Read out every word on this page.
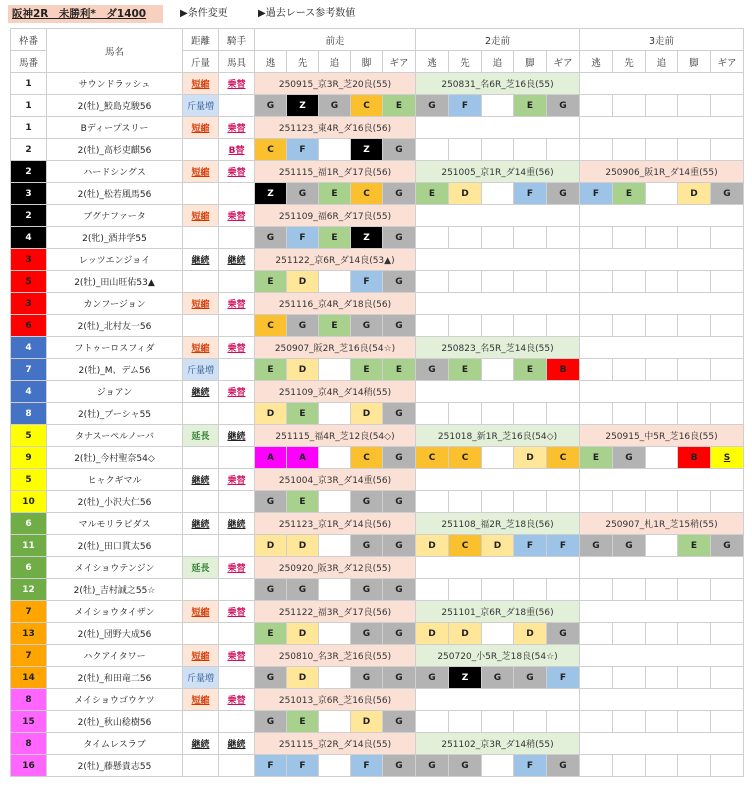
阪神2R　未勝利*　ダ1400	▶条件変更	▶過去レース参考数値
枠番	馬名	距離	騎手	前走					2走前					3走前				
馬番		斤量	馬具	逃	先	追	脚	ギア	逃	先	追	脚	ギア	逃	先	追	脚	ギア
1	サウンドラッシュ	短縮	乗替	250915_京3R_芝20良(55)					250831_名6R_芝16良(55)									
1	2(牡)_鮫島克駿56	斤量増		G	Z	G	C	E	G	F		E	G					
1	Bディープスリー	短縮	乗替	251123_東4R_ダ16良(56)														
2	2(牡)_高杉吏麒56		B替	C	F		Z	G										
2	ハードシングス	短縮	乗替	251115_福1R_ダ17良(56)					251005_京1R_ダ14重(56)					250906_阪1R_ダ14重(55)				
3	2(牡)_松若風馬56			Z	G	E	C	G	E	D		F	G	F	E		D	G
2	ブグナファータ	短縮	乗替	251109_福6R_ダ17良(55)														
4	2(牝)_酒井学55			G	F	E	Z	G										
3	レッツエンジョイ	継続	継続	251122_京6R_ダ14良(53▲)														
5	2(牡)_田山旺佑53▲			E	D		F	G										
3	カンフージョン	短縮	乗替	251116_京4R_ダ18良(56)														
6	2(牡)_北村友一56			C	G	E	G	G										
4	フトゥーロスフィダ	短縮	乗替	250907_阪2R_芝16良(54☆)					250823_名5R_芝14良(55)									
7	2(牡)_M、デム56	斤量増		E	D		E	E	G	E		E	B					
4	ジョアン	継続	乗替	251109_京4R_ダ14稍(55)														
8	2(牡)_ブーシャ55			D	E		D	G										
5	タナスーペルノーバ	延長	継続	251115_福4R_芝12良(54◇)					251018_新1R_芝16良(54◇)					250915_中5R_芝16良(55)				
9	2(牡)_今村聖奈54◇			A	A		C	G	C	C		D	C	E	G		B	S
5	ヒャクギマル	継続	乗替	251004_京3R_ダ14重(56)														
10	2(牡)_小沢大仁56			G	E		G	G										
6	マルモリラピダス	継続	継続	251123_京1R_ダ14良(56)					251108_福2R_芝18良(56)					250907_札1R_芝15稍(55)				
11	2(牡)_田口貫太56			D	D		G	G	D	C	D	F	F	G	G		E	G
6	メイショウテンジン	延長	乗替	250920_阪3R_ダ12良(55)														
12	2(牡)_吉村誠之55☆			G	G		G	G										
7	メイショウタイザン	短縮	乗替	251122_福3R_ダ17良(56)					251101_京6R_ダ18重(56)									
13	2(牡)_団野大成56			E	D		G	G	D	D		D	G					
7	ハクアイタワー	短縮	乗替	250810_名3R_芝16良(55)					250720_小5R_芝18良(54☆)									
14	2(牡)_和田竜二56	斤量増		G	D		G	G	G	Z	G	G	F					
8	メイショウゴウケツ	短縮	乗替	251013_京6R_芝16良(56)														
15	2(牡)_秋山稔樹56			G	E		D	G										
8	タイムレスラブ	継続	継続	251115_京2R_ダ14良(55)					251102_京3R_ダ14稍(55)									
16	2(牡)_藤懸貴志55			F	F		F	G	G	G		F	G					
